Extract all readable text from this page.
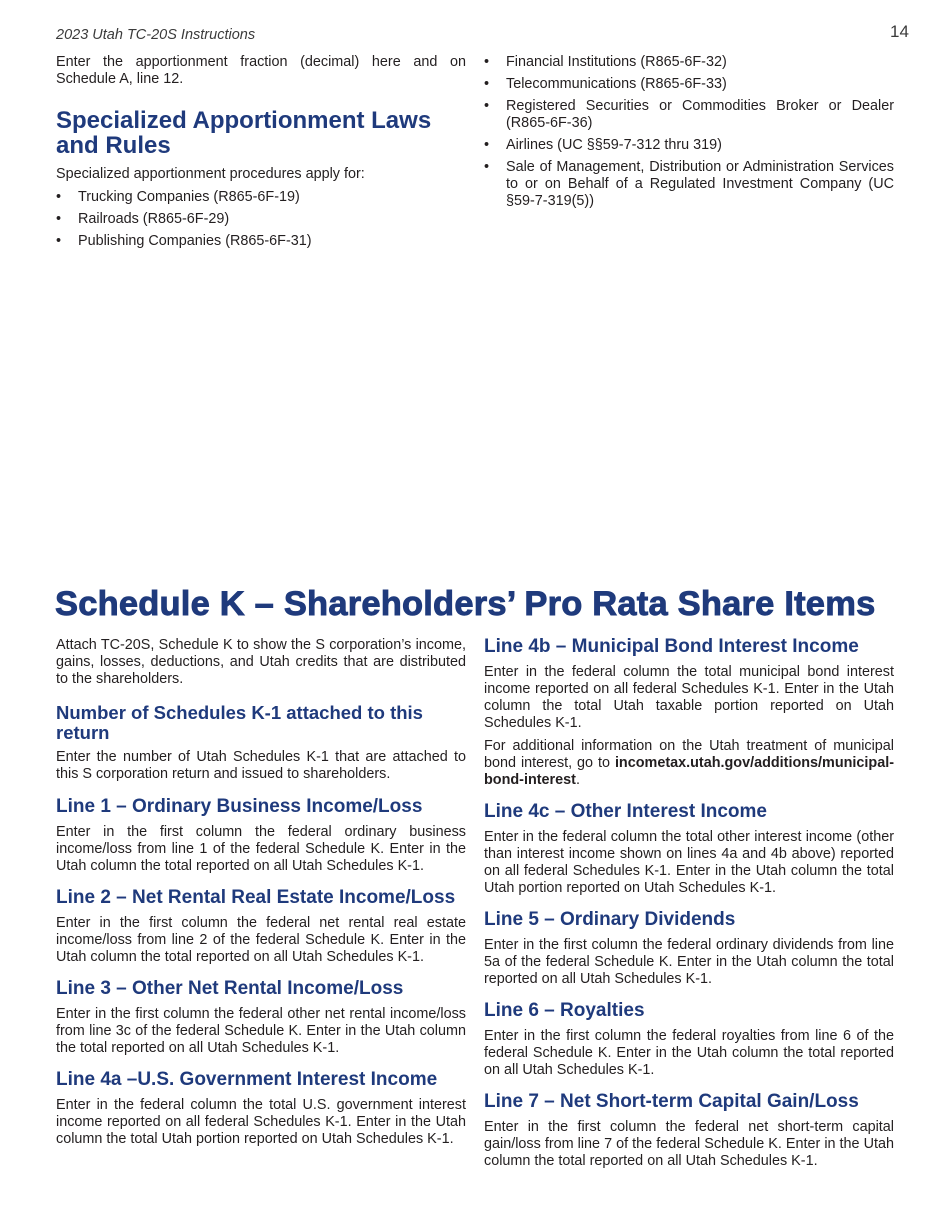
2023 Utah TC-20S Instructions	14

Enter the apportionment fraction (decimal) here and on Schedule A, line 12.

Specialized Apportionment Laws and Rules

Specialized apportionment procedures apply for:

• Trucking Companies (R865-6F-19)
• Railroads (R865-6F-29)
• Publishing Companies (R865-6F-31)
• Financial Institutions (R865-6F-32)
• Telecommunications (R865-6F-33)
• Registered Securities or Commodities Broker or Dealer (R865-6F-36)
• Airlines (UC §§59-7-312 thru 319)
• Sale of Management, Distribution or Administration Services to or on Behalf of a Regulated Investment Company (UC §59-7-319(5))
Schedule K – Shareholders’ Pro Rata Share Items

Attach TC-20S, Schedule K to show the S corporation’s income, gains, losses, deductions, and Utah credits that are distributed to the shareholders.

Number of Schedules K-1 attached to this return

Enter the number of Utah Schedules K-1 that are attached to this S corporation return and issued to shareholders.

Line 1 – Ordinary Business Income/Loss

Enter in the first column the federal ordinary business income/loss from line 1 of the federal Schedule K. Enter in the Utah column the total reported on all Utah Schedules K-1.

Line 2 – Net Rental Real Estate Income/Loss

Enter in the first column the federal net rental real estate income/loss from line 2 of the federal Schedule K. Enter in the Utah column the total reported on all Utah Schedules K-1.

Line 3 – Other Net Rental Income/Loss

Enter in the first column the federal other net rental income/loss from line 3c of the federal Schedule K. Enter in the Utah column the total reported on all Utah Schedules K-1.

Line 4a –U.S. Government Interest Income

Enter in the federal column the total U.S. government interest income reported on all federal Schedules K-1. Enter in the Utah column the total Utah portion reported on Utah Schedules K-1.

Line 4b – Municipal Bond Interest Income

Enter in the federal column the total municipal bond interest income reported on all federal Schedules K-1. Enter in the Utah column the total Utah taxable portion reported on Utah Schedules K-1.

For additional information on the Utah treatment of municipal bond interest, go to incometax.utah.gov/additions/municipal-bond-interest.

Line 4c – Other Interest Income

Enter in the federal column the total other interest income (other than interest income shown on lines 4a and 4b above) reported on all federal Schedules K-1. Enter in the Utah column the total Utah portion reported on Utah Schedules K-1.

Line 5 – Ordinary Dividends

Enter in the first column the federal ordinary dividends from line 5a of the federal Schedule K. Enter in the Utah column the total reported on all Utah Schedules K-1.

Line 6 – Royalties

Enter in the first column the federal royalties from line 6 of the federal Schedule K. Enter in the Utah column the total reported on all Utah Schedules K-1.

Line 7 – Net Short-term Capital Gain/Loss

Enter in the first column the federal net short-term capital gain/loss from line 7 of the federal Schedule K. Enter in the Utah column the total reported on all Utah Schedules K-1.
